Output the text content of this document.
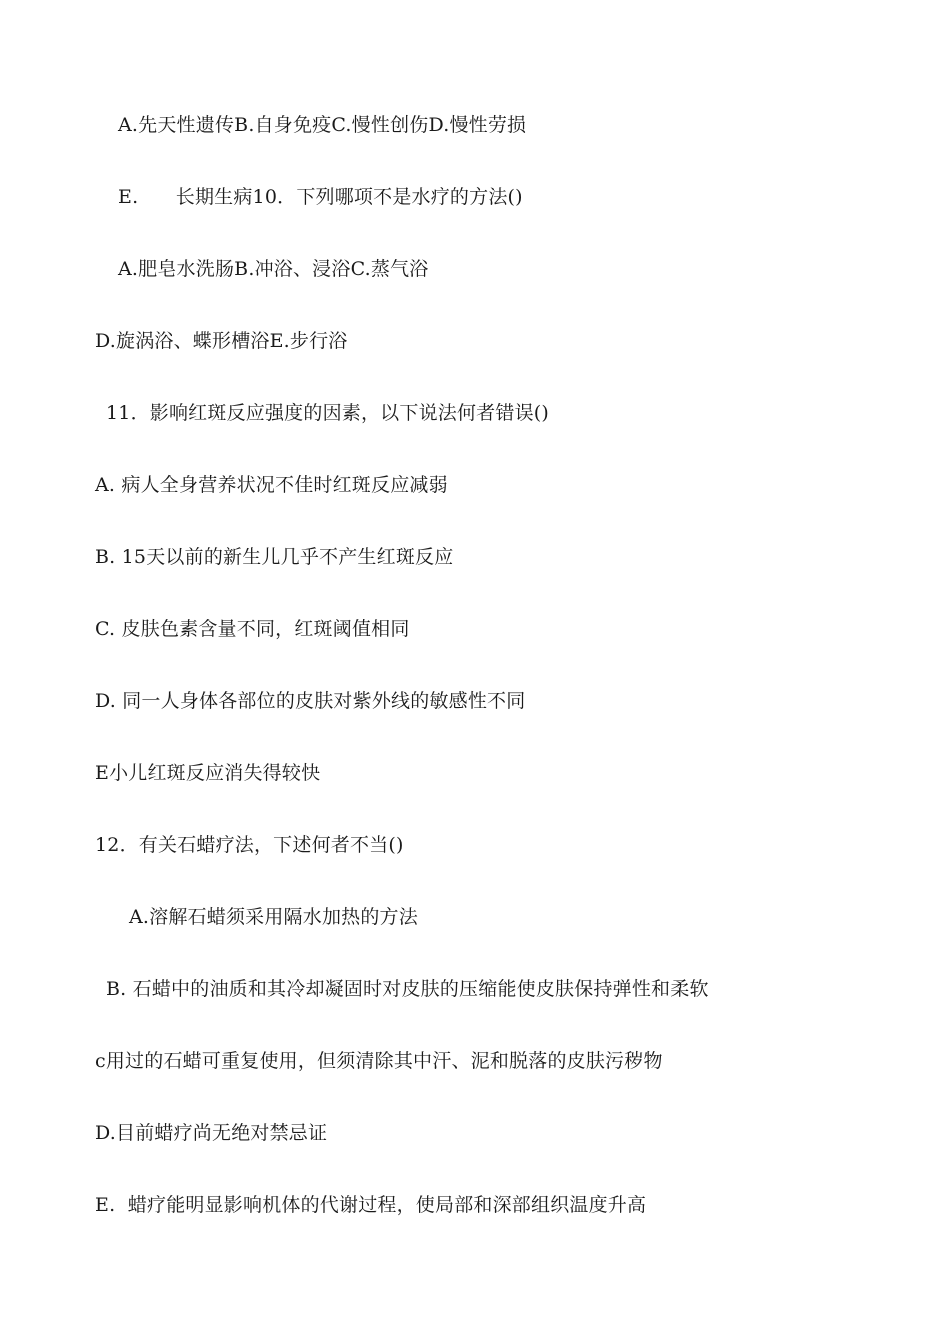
A.先天性遗传B.自身免疫C.慢性创伤D.慢性劳损
E.      长期生病10．下列哪项不是水疗的方法()
A.肥皂水洗肠B.冲浴、浸浴C.蒸气浴
D.旋涡浴、蝶形槽浴E.步行浴
11．影响红斑反应强度的因素，以下说法何者错误()
A. 病人全身营养状况不佳时红斑反应减弱
B. 15天以前的新生儿几乎不产生红斑反应
C. 皮肤色素含量不同，红斑阈值相同
D. 同一人身体各部位的皮肤对紫外线的敏感性不同
E小儿红斑反应消失得较快
12．有关石蜡疗法，下述何者不当()
A.溶解石蜡须采用隔水加热的方法
B. 石蜡中的油质和其冷却凝固时对皮肤的压缩能使皮肤保持弹性和柔软
c用过的石蜡可重复使用，但须清除其中汗、泥和脱落的皮肤污秽物
D.目前蜡疗尚无绝对禁忌证
E.  蜡疗能明显影响机体的代谢过程，使局部和深部组织温度升高
